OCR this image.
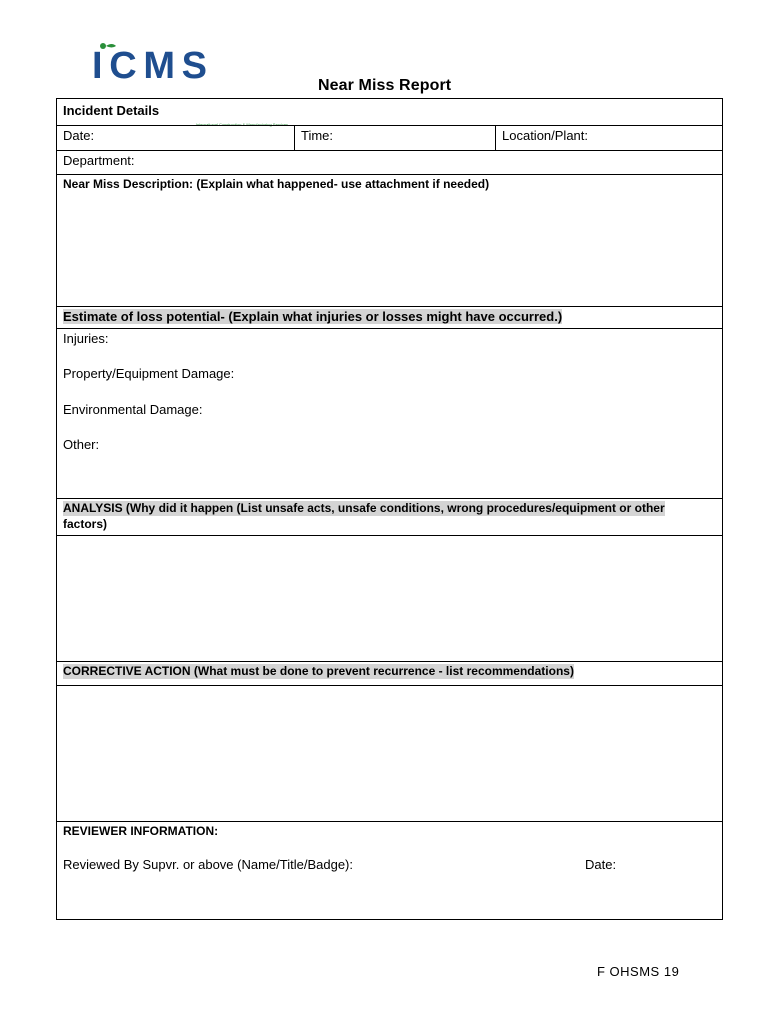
ICMS
International Construction & Manufacturing Services
Near Miss Report
Incident Details
Date:	Time:	Location/Plant:
Department:
Near Miss Description: (Explain what happened- use attachment if needed)
Estimate of loss potential- (Explain what injuries or losses might have occurred.)
Injuries:
Property/Equipment Damage:
Environmental Damage:
Other:
ANALYSIS (Why did it happen (List unsafe acts, unsafe conditions, wrong procedures/equipment or other
factors)
CORRECTIVE ACTION (What must be done to prevent recurrence - list recommendations)
REVIEWER INFORMATION:
Reviewed By Supvr. or above (Name/Title/Badge):	Date:
F OHSMS 19
